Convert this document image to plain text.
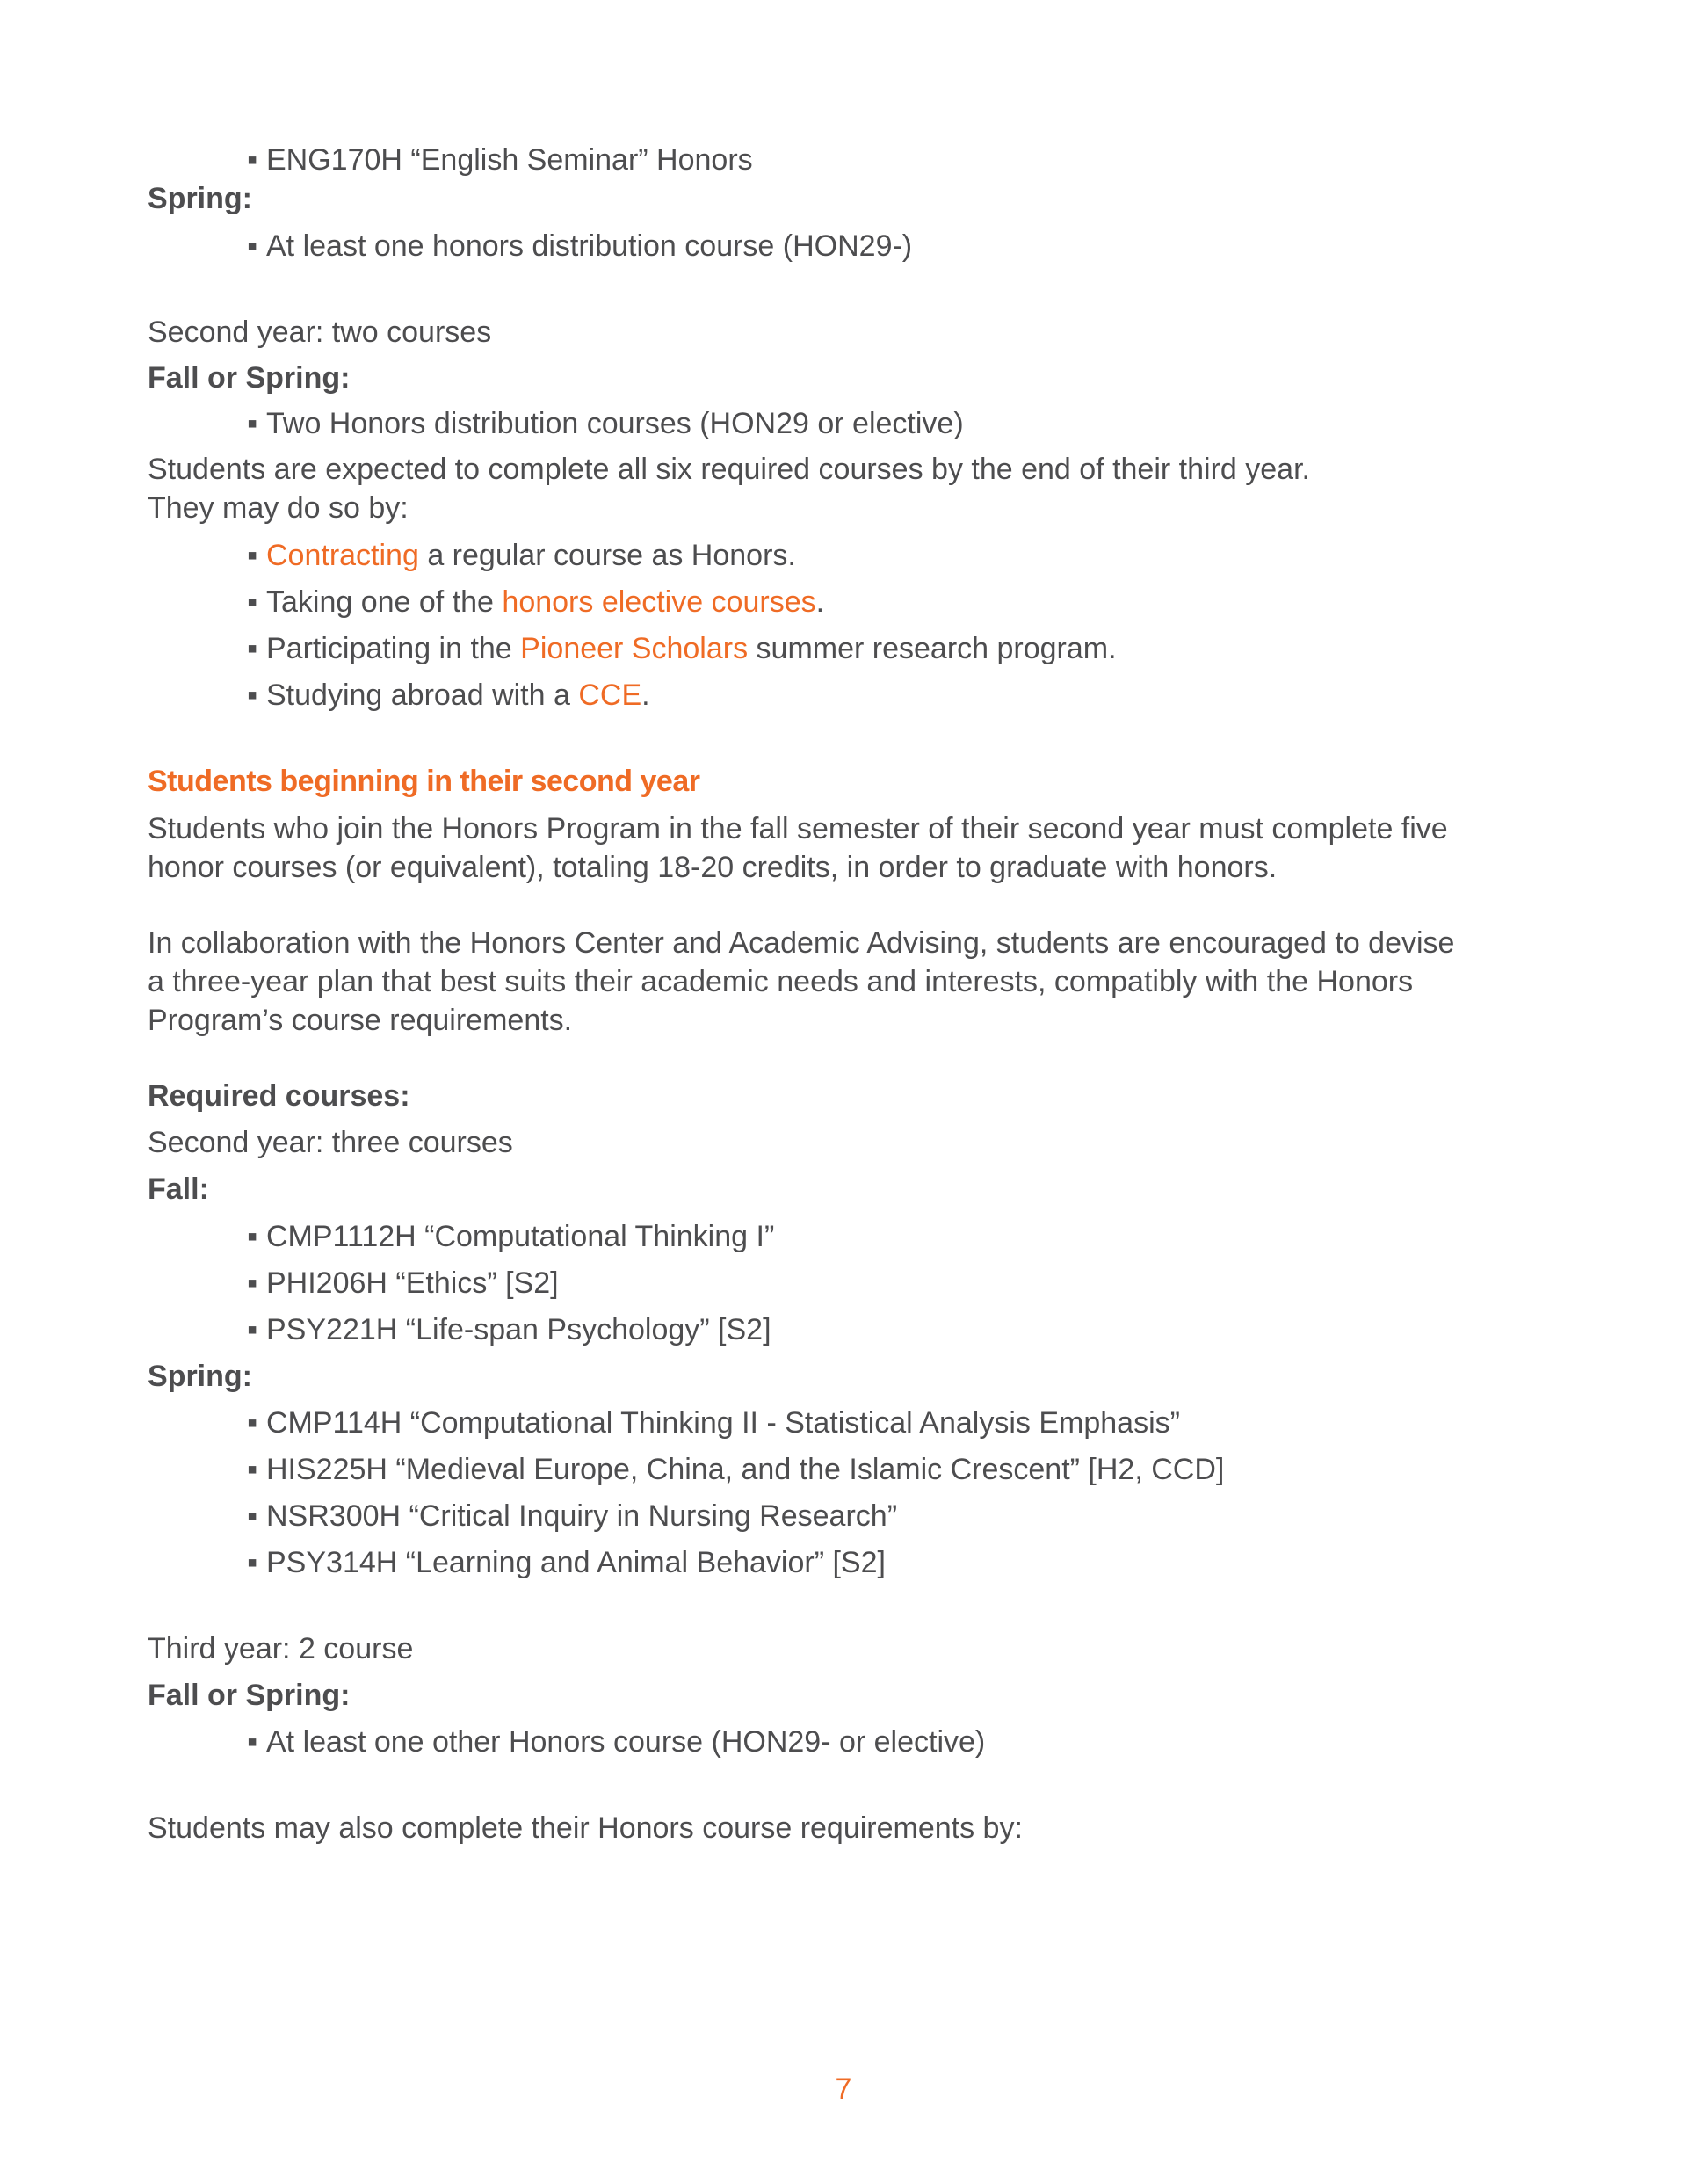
▪ ENG170H “English Seminar” Honors
Spring:
▪ At least one honors distribution course (HON29-)
Second year: two courses
Fall or Spring:
▪ Two Honors distribution courses (HON29 or elective)
Students are expected to complete all six required courses by the end of their third year.
They may do so by:
▪ Contracting a regular course as Honors.
▪ Taking one of the honors elective courses.
▪ Participating in the Pioneer Scholars summer research program.
▪ Studying abroad with a CCE.
Students beginning in their second year
Students who join the Honors Program in the fall semester of their second year must complete five
honor courses (or equivalent), totaling 18-20 credits, in order to graduate with honors.
In collaboration with the Honors Center and Academic Advising, students are encouraged to devise
a three-year plan that best suits their academic needs and interests, compatibly with the Honors
Program’s course requirements.
Required courses:
Second year: three courses
Fall:
▪ CMP1112H “Computational Thinking I”
▪ PHI206H “Ethics” [S2]
▪ PSY221H “Life-span Psychology” [S2]
Spring:
▪ CMP114H “Computational Thinking II - Statistical Analysis Emphasis”
▪ HIS225H “Medieval Europe, China, and the Islamic Crescent” [H2, CCD]
▪ NSR300H “Critical Inquiry in Nursing Research”
▪ PSY314H “Learning and Animal Behavior” [S2]
Third year: 2 course
Fall or Spring:
▪ At least one other Honors course (HON29- or elective)
Students may also complete their Honors course requirements by:
7
